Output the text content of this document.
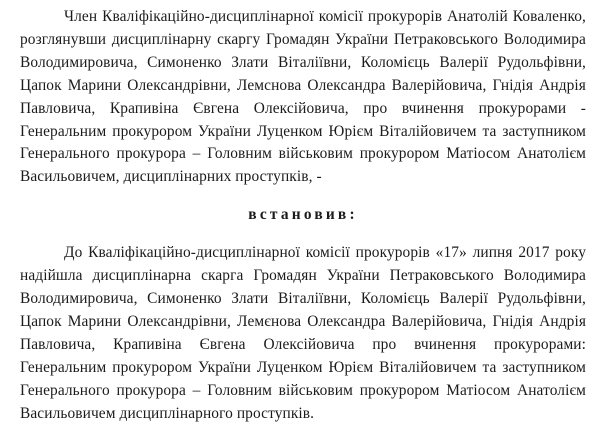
Член Кваліфікаційно-дисциплінарної комісії прокурорів Анатолій Коваленко, розглянувши дисциплінарну скаргу Громадян України Петраковського Володимира Володимировича, Симоненко Злати Віталіївни, Коломієць Валерії Рудольфівни, Цапок Марини Олександрівни, Лемснова Олександра Валерійовича, Гнідія Андрія Павловича, Крапивіна Євгена Олексійовича, про вчинення прокурорами - Генеральним прокурором України Луценком Юрієм Віталійовичем та заступником Генерального прокурора – Головним військовим прокурором Матіосом Анатолієм Васильовичем, дисциплінарних проступків, -

встановив:

До Кваліфікаційно-дисциплінарної комісії прокурорів «17» липня 2017 року надійшла дисциплінарна скарга Громадян України Петраковського Володимира Володимировича, Симоненко Злати Віталіївни, Коломієць Валерії Рудольфівни, Цапок Марини Олександрівни, Лемєнова Олександра Валерійовича, Гнідія Андрія Павловича, Крапивіна Євгена Олексійовича про вчинення прокурорами: Генеральним прокурором України Луценком Юрієм Віталійовичем та заступником Генерального прокурора – Головним військовим прокурором Матіосом Анатолієм Васильовичем дисциплінарного проступків.
